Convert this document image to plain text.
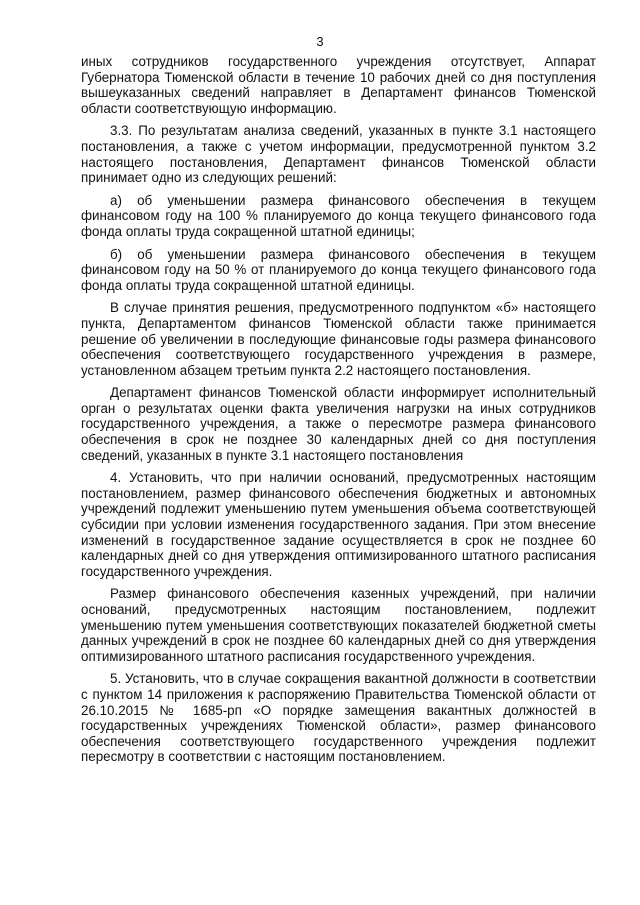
3

иных сотрудников государственного учреждения отсутствует, Аппарат Губернатора Тюменской области в течение 10 рабочих дней со дня поступления вышеуказанных сведений направляет в Департамент финансов Тюменской области соответствующую информацию.

3.3. По результатам анализа сведений, указанных в пункте 3.1 настоящего постановления, а также с учетом информации, предусмотренной пунктом 3.2 настоящего постановления, Департамент финансов Тюменской области принимает одно из следующих решений:

а) об уменьшении размера финансового обеспечения в текущем финансовом году на 100 % планируемого до конца текущего финансового года фонда оплаты труда сокращенной штатной единицы;

б) об уменьшении размера финансового обеспечения в текущем финансовом году на 50 % от планируемого до конца текущего финансового года фонда оплаты труда сокращенной штатной единицы.

В случае принятия решения, предусмотренного подпунктом «б» настоящего пункта, Департаментом финансов Тюменской области также принимается решение об увеличении в последующие финансовые годы размера финансового обеспечения соответствующего государственного учреждения в размере, установленном абзацем третьим пункта 2.2 настоящего постановления.

Департамент финансов Тюменской области информирует исполнительный орган о результатах оценки факта увеличения нагрузки на иных сотрудников государственного учреждения, а также о пересмотре размера финансового обеспечения в срок не позднее 30 календарных дней со дня поступления сведений, указанных в пункте 3.1 настоящего постановления

4. Установить, что при наличии оснований, предусмотренных настоящим постановлением, размер финансового обеспечения бюджетных и автономных учреждений подлежит уменьшению путем уменьшения объема соответствующей субсидии при условии изменения государственного задания. При этом внесение изменений в государственное задание осуществляется в срок не позднее 60 календарных дней со дня утверждения оптимизированного штатного расписания государственного учреждения.

Размер финансового обеспечения казенных учреждений, при наличии оснований, предусмотренных настоящим постановлением, подлежит уменьшению путем уменьшения соответствующих показателей бюджетной сметы данных учреждений в срок не позднее 60 календарных дней со дня утверждения оптимизированного штатного расписания государственного учреждения.

5. Установить, что в случае сокращения вакантной должности в соответствии с пунктом 14 приложения к распоряжению Правительства Тюменской области от 26.10.2015 № 1685-рп «О порядке замещения вакантных должностей в государственных учреждениях Тюменской области», размер финансового обеспечения соответствующего государственного учреждения подлежит пересмотру в соответствии с настоящим постановлением.
